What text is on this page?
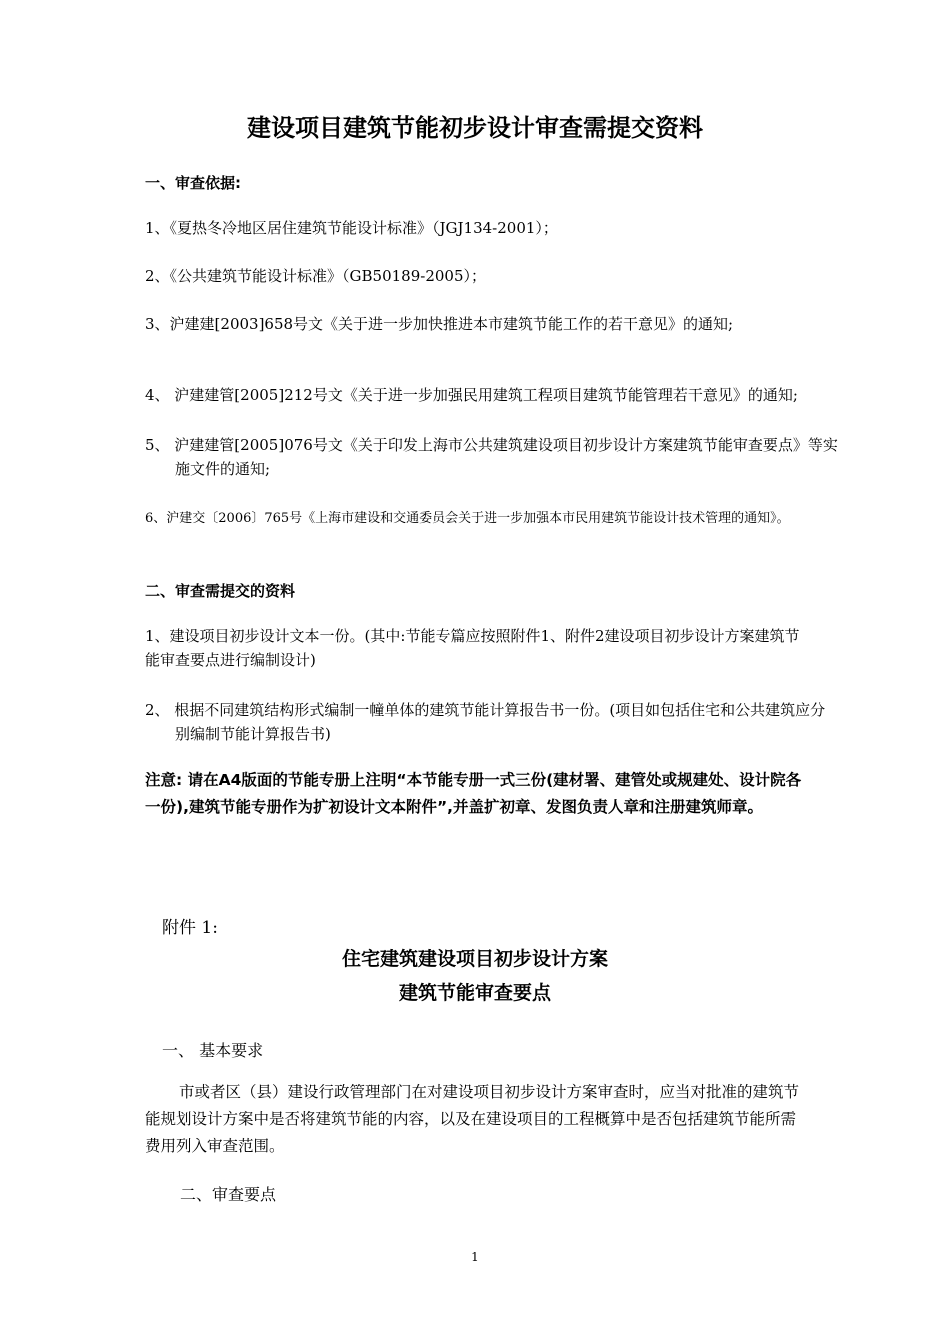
建设项目建筑节能初步设计审查需提交资料
一、审查依据:

1、《夏热冬冷地区居住建筑节能设计标准》（JGJ134-2001）；

2、《公共建筑节能设计标准》（GB50189-2005）；

3、沪建建[2003]658号文《关于进一步加快推进本市建筑节能工作的若干意见》的通知;

4、 沪建建管[2005]212号文《关于进一步加强民用建筑工程项目建筑节能管理若干意见》的通知;

5、 沪建建管[2005]076号文《关于印发上海市公共建筑建设项目初步设计方案建筑节能审查要点》等实施文件的通知;

6、沪建交〔2006〕765号《上海市建设和交通委员会关于进一步加强本市民用建筑节能设计技术管理的通知》。

二、审查需提交的资料

1、建设项目初步设计文本一份。(其中:节能专篇应按照附件1、附件2建设项目初步设计方案建筑节能审查要点进行编制设计)

2、 根据不同建筑结构形式编制一幢单体的建筑节能计算报告书一份。(项目如包括住宅和公共建筑应分别编制节能计算报告书)

注意: 请在A4版面的节能专册上注明“本节能专册一式三份(建材署、建管处或规建处、设计院各一份),建筑节能专册作为扩初设计文本附件”,并盖扩初章、发图负责人章和注册建筑师章。

附件 1:
住宅建筑建设项目初步设计方案
建筑节能审查要点
一、 基本要求

市或者区（县）建设行政管理部门在对建设项目初步设计方案审查时，应当对批准的建筑节能规划设计方案中是否将建筑节能的内容，以及在建设项目的工程概算中是否包括建筑节能所需费用列入审查范围。

二、审查要点
1
